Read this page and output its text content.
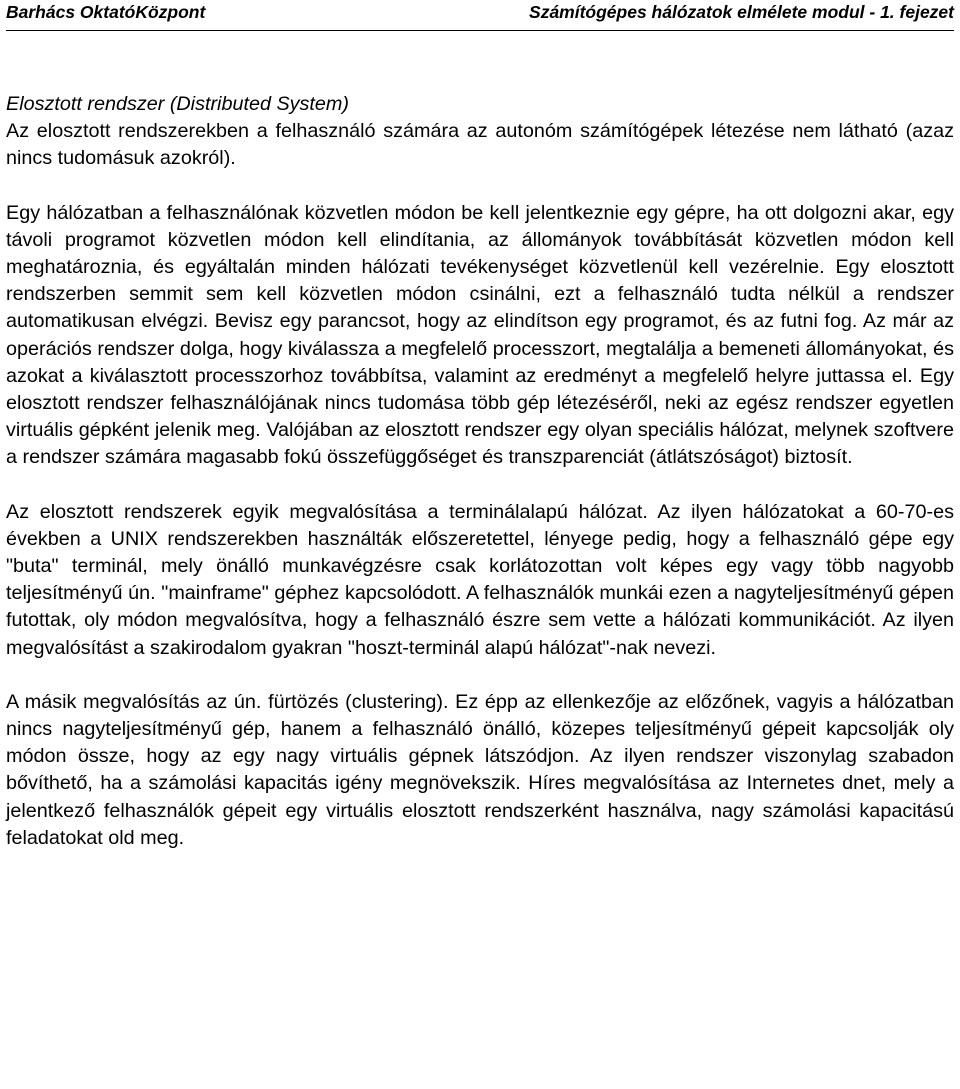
Barhács OktatóKözpont	Számítógépes hálózatok elmélete modul - 1. fejezet
Elosztott rendszer (Distributed System)

Az elosztott rendszerekben a felhasználó számára az autonóm számítógépek létezése nem látható (azaz nincs tudomásuk azokról).

Egy hálózatban a felhasználónak közvetlen módon be kell jelentkeznie egy gépre, ha ott dolgozni akar, egy távoli programot közvetlen módon kell elindítania, az állományok továbbítását közvetlen módon kell meghatároznia, és egyáltalán minden hálózati tevékenységet közvetlenül kell vezérelnie. Egy elosztott rendszerben semmit sem kell közvetlen módon csinálni, ezt a felhasználó tudta nélkül a rendszer automatikusan elvégzi. Bevisz egy parancsot, hogy az elindítson egy programot, és az futni fog. Az már az operációs rendszer dolga, hogy kiválassza a megfelelő processzort, megtalálja a bemeneti állományokat, és azokat a kiválasztott processzorhoz továbbítsa, valamint az eredményt a megfelelő helyre juttassa el. Egy elosztott rendszer felhasználójának nincs tudomása több gép létezéséről, neki az egész rendszer egyetlen virtuális gépként jelenik meg. Valójában az elosztott rendszer egy olyan speciális hálózat, melynek szoftvere a rendszer számára magasabb fokú összefüggőséget és transzparenciát (átlátszóságot) biztosít.

Az elosztott rendszerek egyik megvalósítása a terminálalapú hálózat. Az ilyen hálózatokat a 60-70-es években a UNIX rendszerekben használták előszeretettel, lényege pedig, hogy a felhasználó gépe egy "buta" terminál, mely önálló munkavégzésre csak korlátozottan volt képes egy vagy több nagyobb teljesítményű ún. "mainframe" géphez kapcsolódott. A felhasználók munkái ezen a nagyteljesítményű gépen futottak, oly módon megvalósítva, hogy a felhasználó észre sem vette a hálózati kommunikációt. Az ilyen megvalósítást a szakirodalom gyakran "hoszt-terminál alapú hálózat"-nak nevezi.

A másik megvalósítás az ún. fürtözés (clustering). Ez épp az ellenkezője az előzőnek, vagyis a hálózatban nincs nagyteljesítményű gép, hanem a felhasználó önálló, közepes teljesítményű gépeit kapcsolják oly módon össze, hogy az egy nagy virtuális gépnek látszódjon. Az ilyen rendszer viszonylag szabadon bővíthető, ha a számolási kapacitás igény megnövekszik. Híres megvalósítása az Internetes dnet, mely a jelentkező felhasználók gépeit egy virtuális elosztott rendszerként használva, nagy számolási kapacitású feladatokat old meg.
